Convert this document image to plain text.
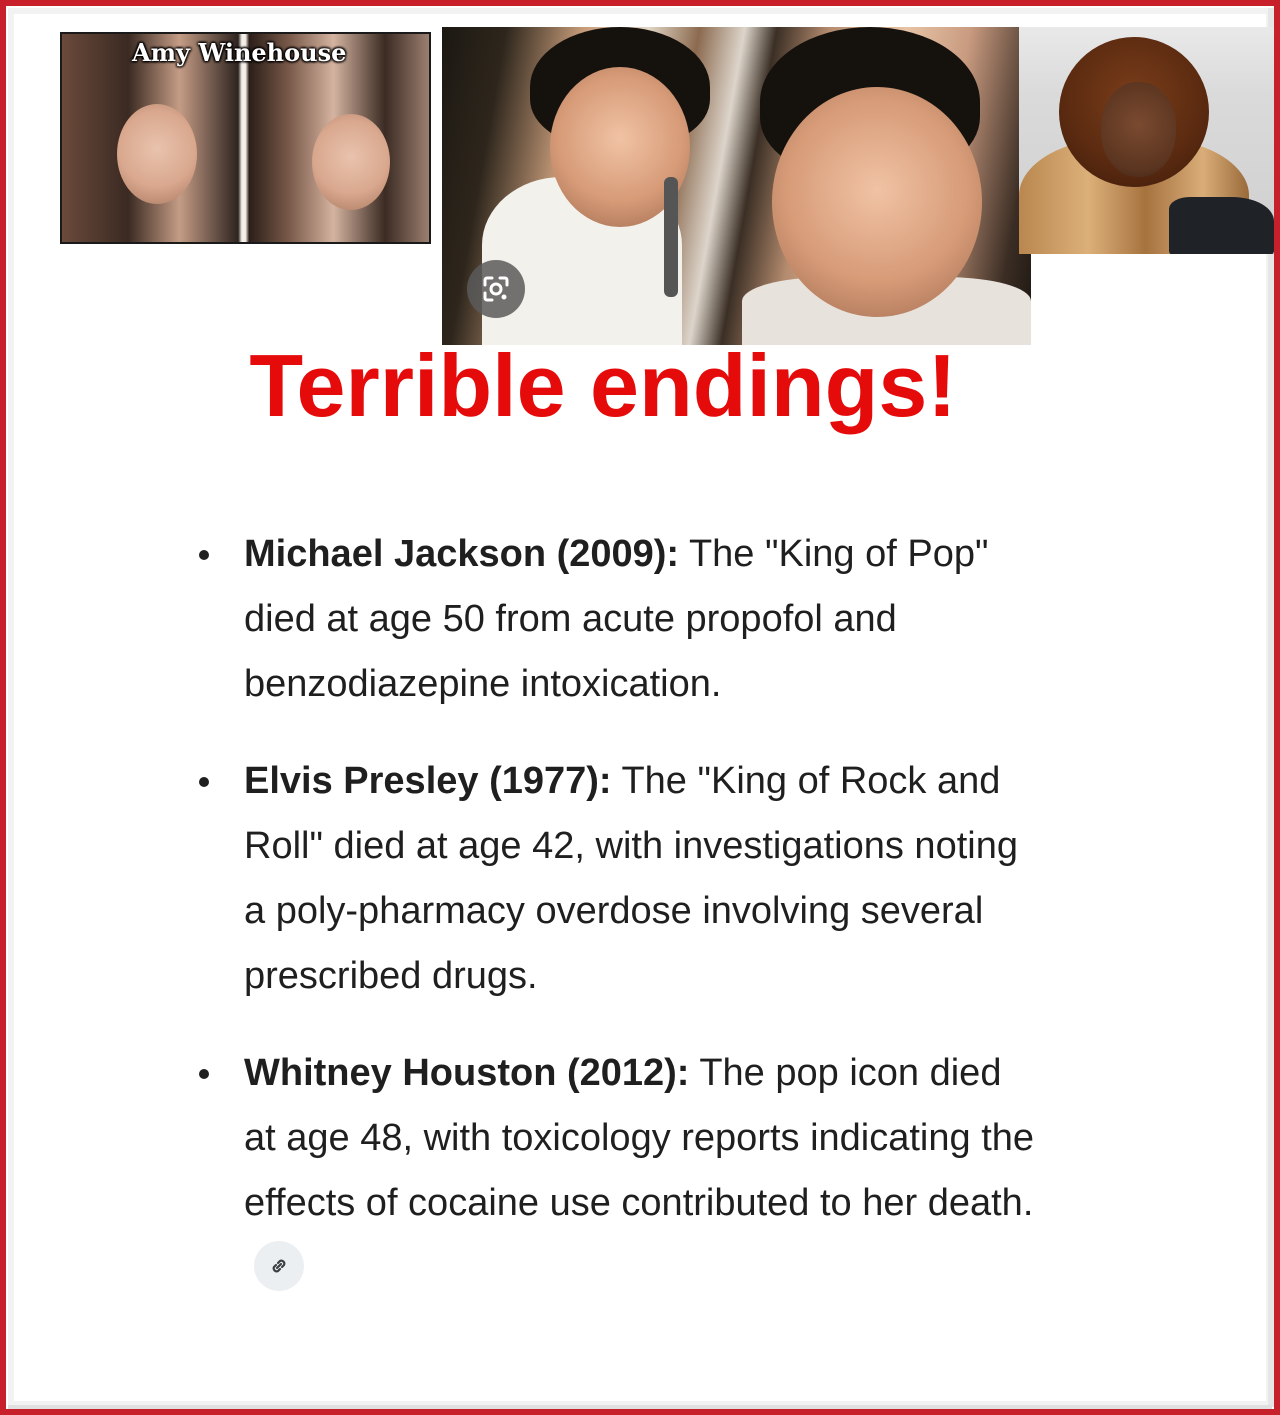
Amy Winehouse
Terrible endings!
Michael Jackson (2009): The "King of Pop" died at age 50 from acute propofol and benzodiazepine intoxication.
Elvis Presley (1977): The "King of Rock and Roll" died at age 42, with investigations noting a poly-pharmacy overdose involving several prescribed drugs.
Whitney Houston (2012): The pop icon died at age 48, with toxicology reports indicating the effects of cocaine use contributed to her death.
